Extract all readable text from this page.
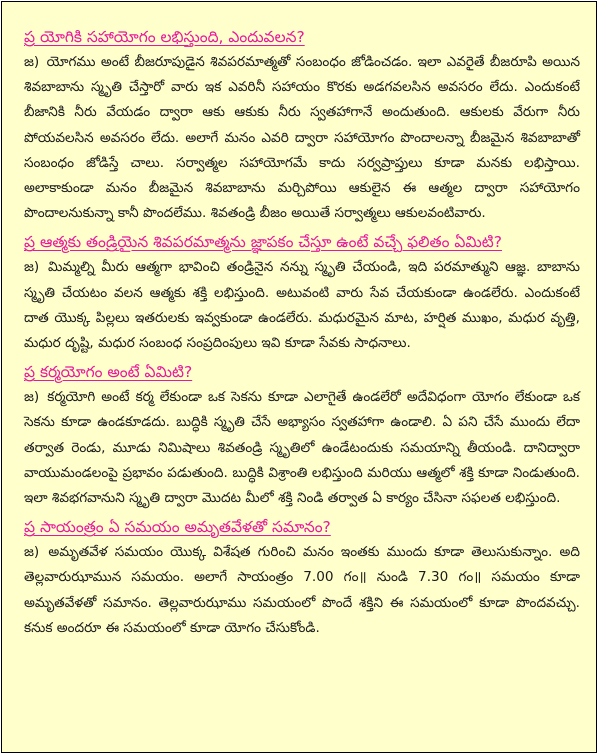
ప్ర యోగికి సహాయోగం లభిస్తుంది, ఎందువలన?

జ) యోగము అంటే బీజరూపుడైన శివపరమాత్మతో సంబంధం జోడించడం. ఇలా ఎవరైతే బీజరూపి అయిన శివబాబాను స్మృతి చేస్తారో వారు ఇక ఎవరినీ సహాయం కొరకు అడగవలసిన అవసరం లేదు. ఎందుకంటే బీజానికి నీరు వేయడం ద్వారా ఆకు ఆకుకు నీరు స్వతహాగానే అందుతుంది. ఆకులకు వేరుగా నీరు పోయవలసిన అవసరం లేదు. అలాగే మనం ఎవరి ద్వారా సహాయోగం పొందాలన్నా బీజమైన శివబాబాతో సంబంధం జోడిస్తే చాలు. సర్వాత్మల సహాయోగమే కాదు సర్వప్రాప్తులు కూడా మనకు లభిస్తాయి. అలాకాకుండా మనం బీజమైన శివబాబాను మర్చిపోయి ఆకులైన ఈ ఆత్మల ద్వారా సహాయోగం పొందాలనుకున్నా కానీ పొందలేము. శివతండ్రి బీజం అయితే సర్వాత్మలు ఆకులవంటివారు.

ప్ర ఆత్మకు తండ్రియైన శివపరమాత్మను జ్ఞాపకం చేస్తూ ఉంటే వచ్చే ఫలితం ఏమిటి?

జ) మిమ్మల్ని మీరు ఆత్మగా భావించి తండ్రినైన నన్ను స్మృతి చేయండి, ఇది పరమాత్ముని ఆజ్ఞ. బాబాను స్మృతి చేయటం వలన ఆత్మకు శక్తి లభిస్తుంది. అటువంటి వారు సేవ చేయకుండా ఉండలేరు. ఎందుకంటే దాత యొక్క పిల్లలు ఇతరులకు ఇవ్వకుండా ఉండలేరు. మధురమైన మాట, హర్షిత ముఖం, మధుర వృత్తి, మధుర దృష్టి, మధుర సంబంధ సంప్రదింపులు ఇవి కూడా సేవకు సాధనాలు.

ప్ర కర్మయోగం అంటే ఏమిటి?

జ) కర్మయోగి అంటే కర్మ లేకుండా ఒక సెకను కూడా ఎలాగైతే ఉండలేరో అదేవిధంగా యోగం లేకుండా ఒక సెకను కూడా ఉండకూడదు. బుద్ధికి స్మృతి చేసే అభ్యాసం స్వతహాగా ఉండాలి. ఏ పని చేసే ముందు లేదా తర్వాత రెండు, మూడు నిమిషాలు శివతండ్రి స్మృతిలో ఉండేటందుకు సమయాన్ని తీయండి. దానిద్వారా వాయుమండలంపై ప్రభావం పడుతుంది. బుద్ధికి విశ్రాంతి లభిస్తుంది మరియు ఆత్మలో శక్తి కూడా నిండుతుంది. ఇలా శివభగవానుని స్మృతి ద్వారా మొదట మీలో శక్తి నిండి తర్వాత ఏ కార్యం చేసినా సఫలత లభిస్తుంది.

ప్ర సాయంత్రం ఏ సమయం అమృతవేళతో సమానం?

జ) అమృతవేళ సమయం యొక్క విశేషత గురించి మనం ఇంతకు ముందు కూడా తెలుసుకున్నాం. అది తెల్లవారుఝామున సమయం. అలాగే సాయంత్రం 7.00 గం॥ నుండి 7.30 గం॥ సమయం కూడా అమృతవేళతో సమానం. తెల్లవారుఝాము సమయంలో పొందే శక్తిని ఈ సమయంలో కూడా పొందవచ్చు. కనుక అందరూ ఈ సమయంలో కూడా యోగం చేసుకోండి.
